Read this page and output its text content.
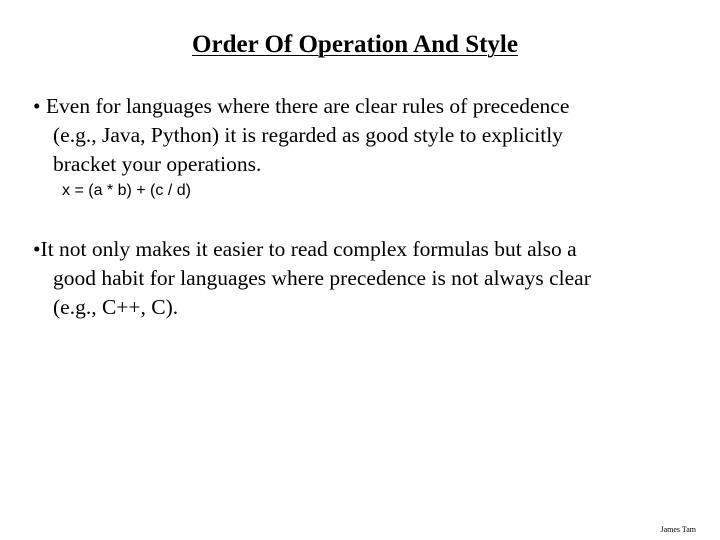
Order Of Operation And Style
• Even for languages where there are clear rules of precedence
(e.g., Java, Python) it is regarded as good style to explicitly
bracket your operations.
x = (a * b) + (c / d)
•It not only makes it easier to read complex formulas but also a
good habit for languages where precedence is not always clear
(e.g., C++, C).
James Tam
